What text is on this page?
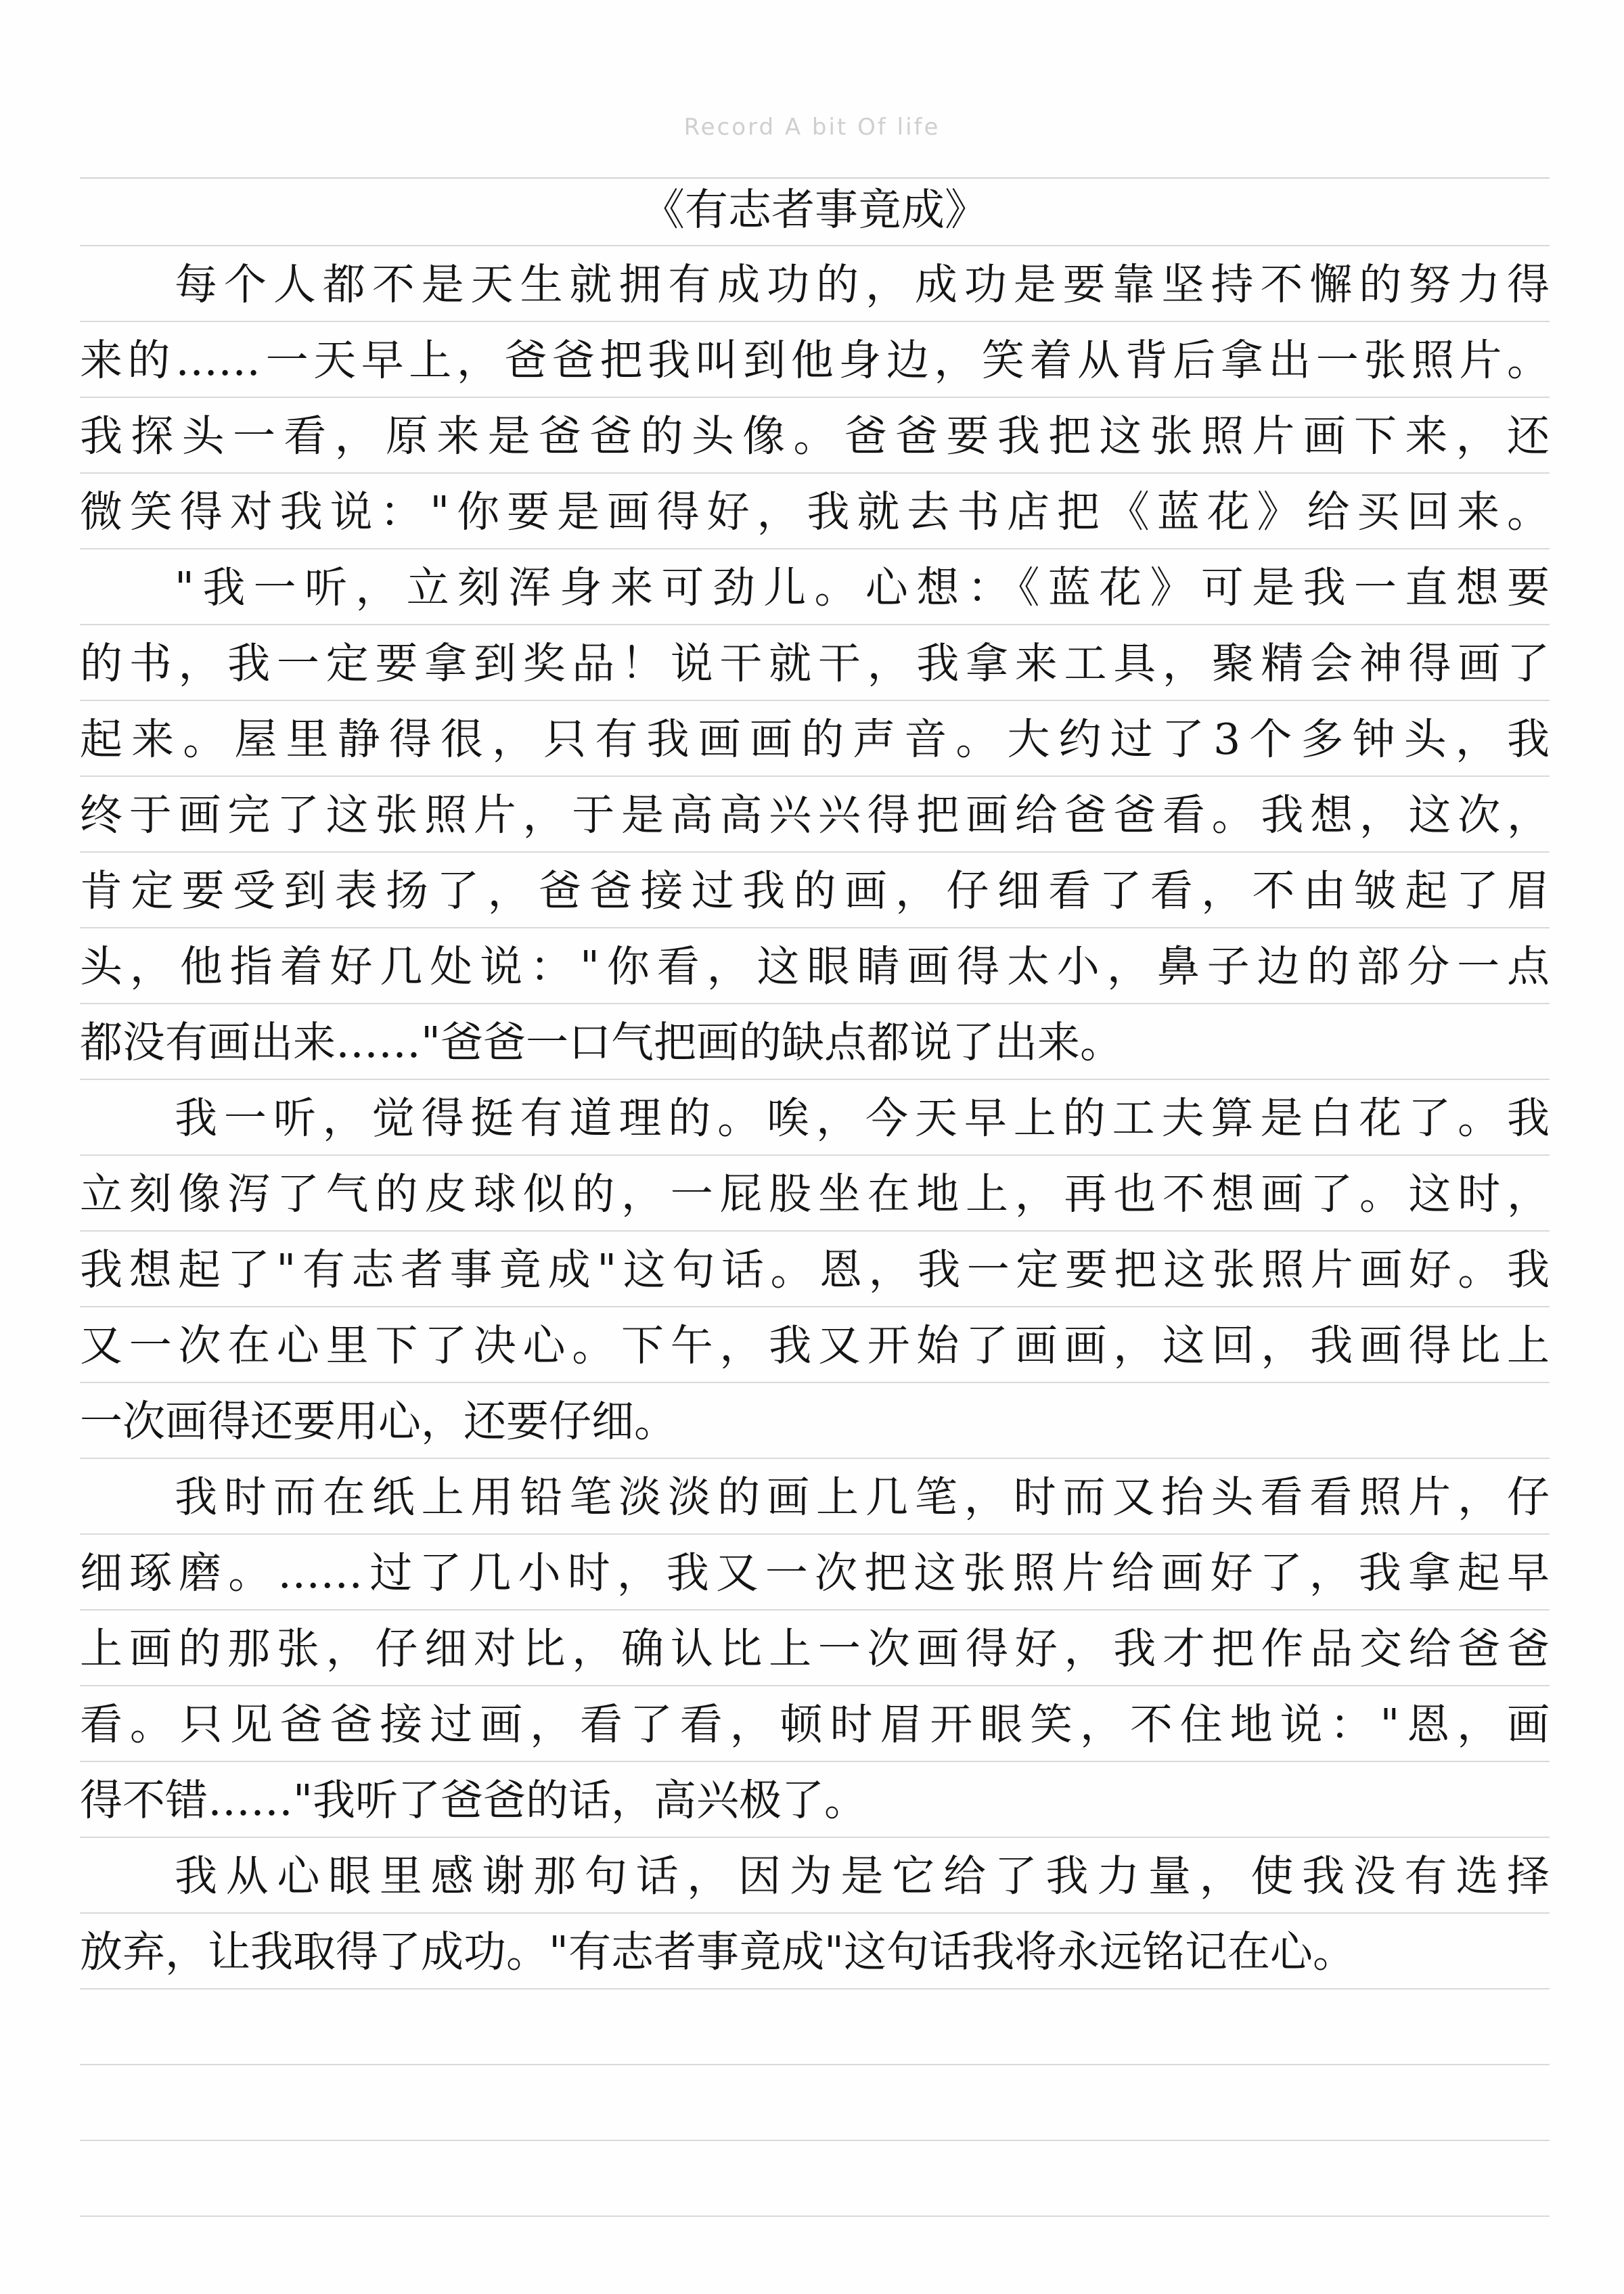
Record A bit Of life
《有志者事竟成》
每个人都不是天生就拥有成功的，成功是要靠坚持不懈的努力得
来的……一天早上，爸爸把我叫到他身边，笑着从背后拿出一张照片。
我探头一看，原来是爸爸的头像。爸爸要我把这张照片画下来，还
微笑得对我说："你要是画得好，我就去书店把《蓝花》给买回来。
"我一听，立刻浑身来可劲儿。心想：《蓝花》可是我一直想要
的书，我一定要拿到奖品！说干就干，我拿来工具，聚精会神得画了
起来。屋里静得很，只有我画画的声音。大约过了3个多钟头，我
终于画完了这张照片，于是高高兴兴得把画给爸爸看。我想，这次，
肯定要受到表扬了，爸爸接过我的画，仔细看了看，不由皱起了眉
头，他指着好几处说："你看，这眼睛画得太小，鼻子边的部分一点
都没有画出来……"爸爸一口气把画的缺点都说了出来。
我一听，觉得挺有道理的。唉，今天早上的工夫算是白花了。我
立刻像泻了气的皮球似的，一屁股坐在地上，再也不想画了。这时，
我想起了"有志者事竟成"这句话。恩，我一定要把这张照片画好。我
又一次在心里下了决心。下午，我又开始了画画，这回，我画得比上
一次画得还要用心，还要仔细。
我时而在纸上用铅笔淡淡的画上几笔，时而又抬头看看照片，仔
细琢磨。……过了几小时，我又一次把这张照片给画好了，我拿起早
上画的那张，仔细对比，确认比上一次画得好，我才把作品交给爸爸
看。只见爸爸接过画，看了看，顿时眉开眼笑，不住地说："恩，画
得不错……"我听了爸爸的话，高兴极了。
我从心眼里感谢那句话，因为是它给了我力量，使我没有选择
放弃，让我取得了成功。"有志者事竟成"这句话我将永远铭记在心。
